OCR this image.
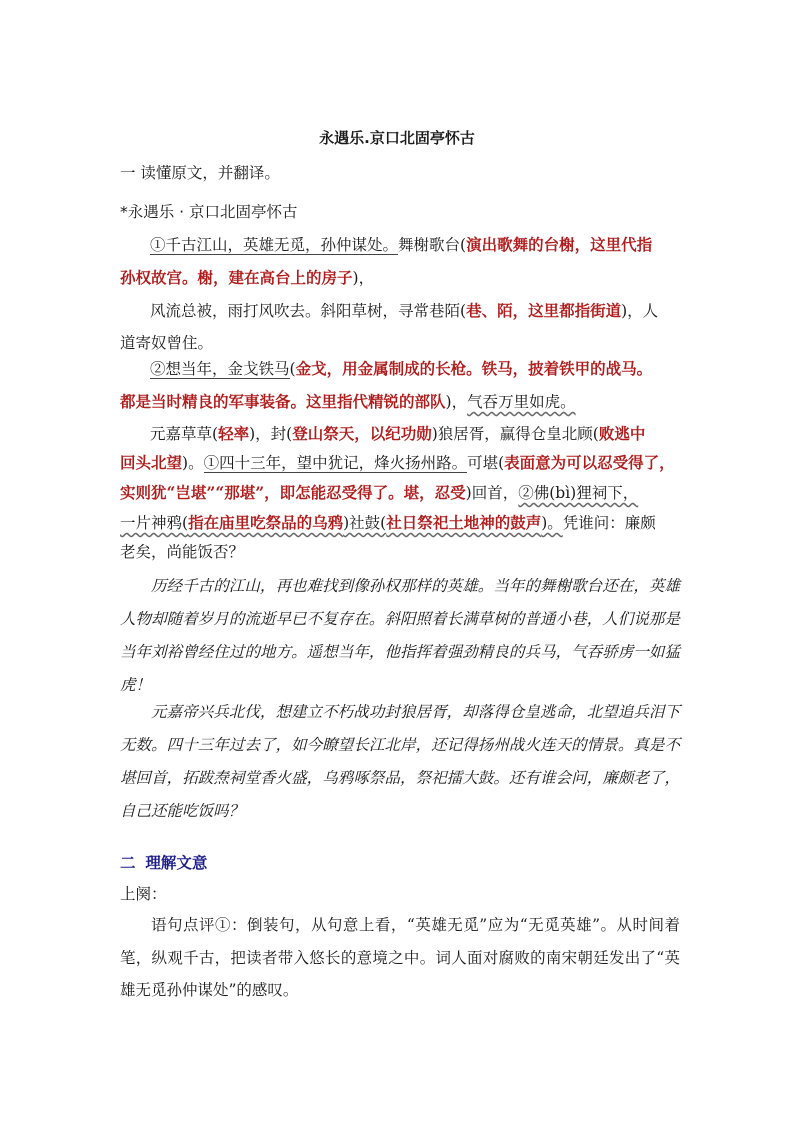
永遇乐.京口北固亭怀古
一 读懂原文，并翻译。
*永遇乐 · 京口北固亭怀古
①千古江山，英雄无觅，孙仲谋处。舞榭歌台(演出歌舞的台榭，这里代指
孙权故宫。榭，建在高台上的房子)，
风流总被，雨打风吹去。斜阳草树，寻常巷陌(巷、陌，这里都指街道)，人
道寄奴曾住。
②想当年，金戈铁马(金戈，用金属制成的长枪。铁马，披着铁甲的战马。
都是当时精良的军事装备。这里指代精锐的部队)，气吞万里如虎。
元嘉草草(轻率)，封(登山祭天，以纪功勋)狼居胥，赢得仓皇北顾(败逃中
回头北望)。①四十三年，望中犹记，烽火扬州路。可堪(表面意为可以忍受得了，
实则犹“岂堪”“那堪”，即怎能忍受得了。堪，忍受)回首，②佛(bì)狸祠下，
一片神鸦(指在庙里吃祭品的乌鸦)社鼓(社日祭祀土地神的鼓声)。凭谁问：廉颇
老矣，尚能饭否？
历经千古的江山，再也难找到像孙权那样的英雄。当年的舞榭歌台还在，英雄人物却随着岁月的流逝早已不复存在。斜阳照着长满草树的普通小巷，人们说那是当年刘裕曾经住过的地方。遥想当年，他指挥着强劲精良的兵马，气吞骄虏一如猛虎！
元嘉帝兴兵北伐，想建立不朽战功封狼居胥，却落得仓皇逃命，北望追兵泪下无数。四十三年过去了，如今瞭望长江北岸，还记得扬州战火连天的情景。真是不堪回首，拓跋焘祠堂香火盛，乌鸦啄祭品，祭祀擂大鼓。还有谁会问，廉颇老了，自己还能吃饭吗？
二 理解文意
上阕：
语句点评①：倒装句，从句意上看，“英雄无觅”应为“无觅英雄”。从时间着笔，纵观千古，把读者带入悠长的意境之中。词人面对腐败的南宋朝廷发出了“英雄无觅孙仲谋处”的感叹。
